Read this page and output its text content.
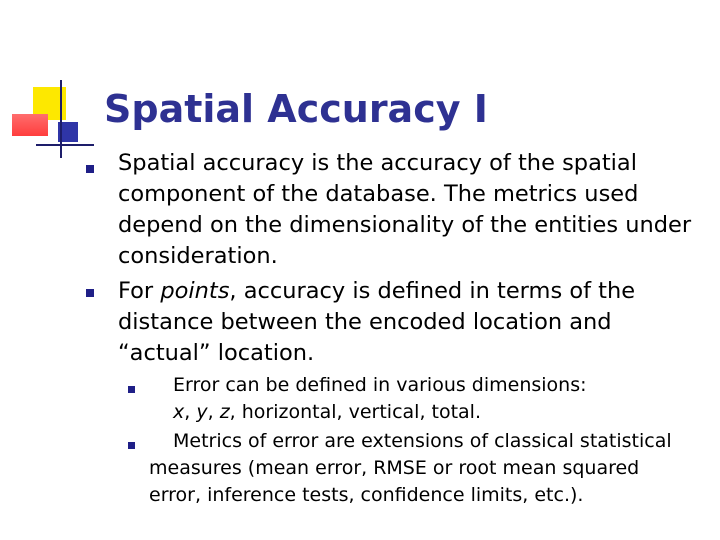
Spatial Accuracy I
Spatial accuracy is the accuracy of the spatial component of the database. The metrics used depend on the dimensionality of the entities under consideration.
For points, accuracy is defined in terms of the distance between the encoded location and “actual” location.
Error can be defined in various dimensions:
x, y, z, horizontal, vertical, total.
Metrics of error are extensions of classical statistical measures (mean error, RMSE or root mean squared error, inference tests, confidence limits, etc.).
